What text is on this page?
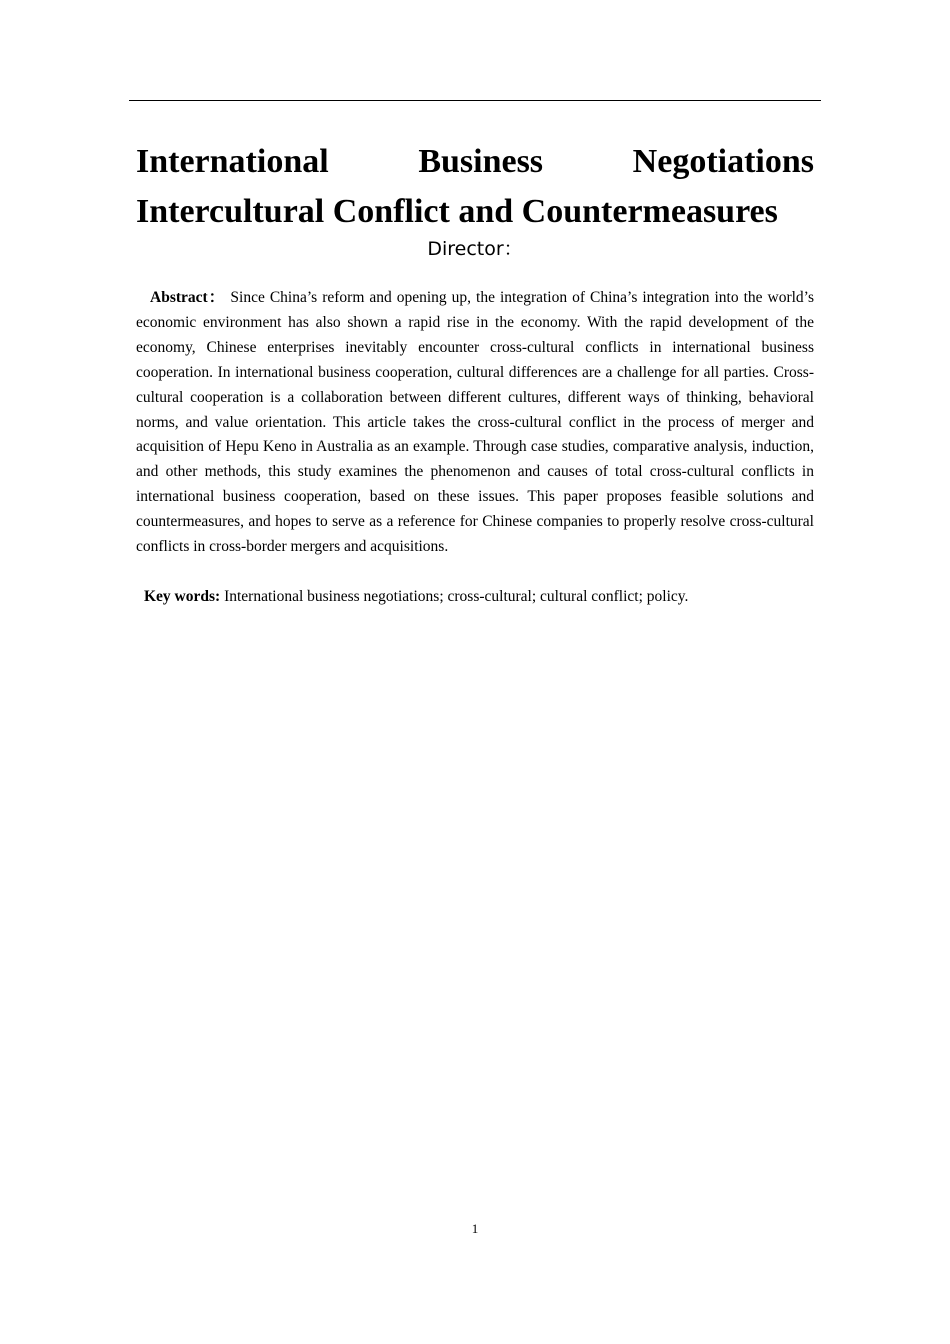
International	Business	Negotiations
Intercultural Conflict and Countermeasures
Director：

Abstract： Since China’s reform and opening up, the integration of China’s integration into the world’s economic environment has also shown a rapid rise in the economy. With the rapid development of the economy, Chinese enterprises inevitably encounter cross-cultural conflicts in international business cooperation. In international business cooperation, cultural differences are a challenge for all parties. Cross-cultural cooperation is a collaboration between different cultures, different ways of thinking, behavioral norms, and value orientation. This article takes the cross-cultural conflict in the process of merger and acquisition of Hepu Keno in Australia as an example. Through case studies, comparative analysis, induction, and other methods, this study examines the phenomenon and causes of total cross-cultural conflicts in international business cooperation, based on these issues. This paper proposes feasible solutions and countermeasures, and hopes to serve as a reference for Chinese companies to properly resolve cross-cultural conflicts in cross-border mergers and acquisitions.

Key words: International business negotiations; cross-cultural; cultural conflict; policy.

1
